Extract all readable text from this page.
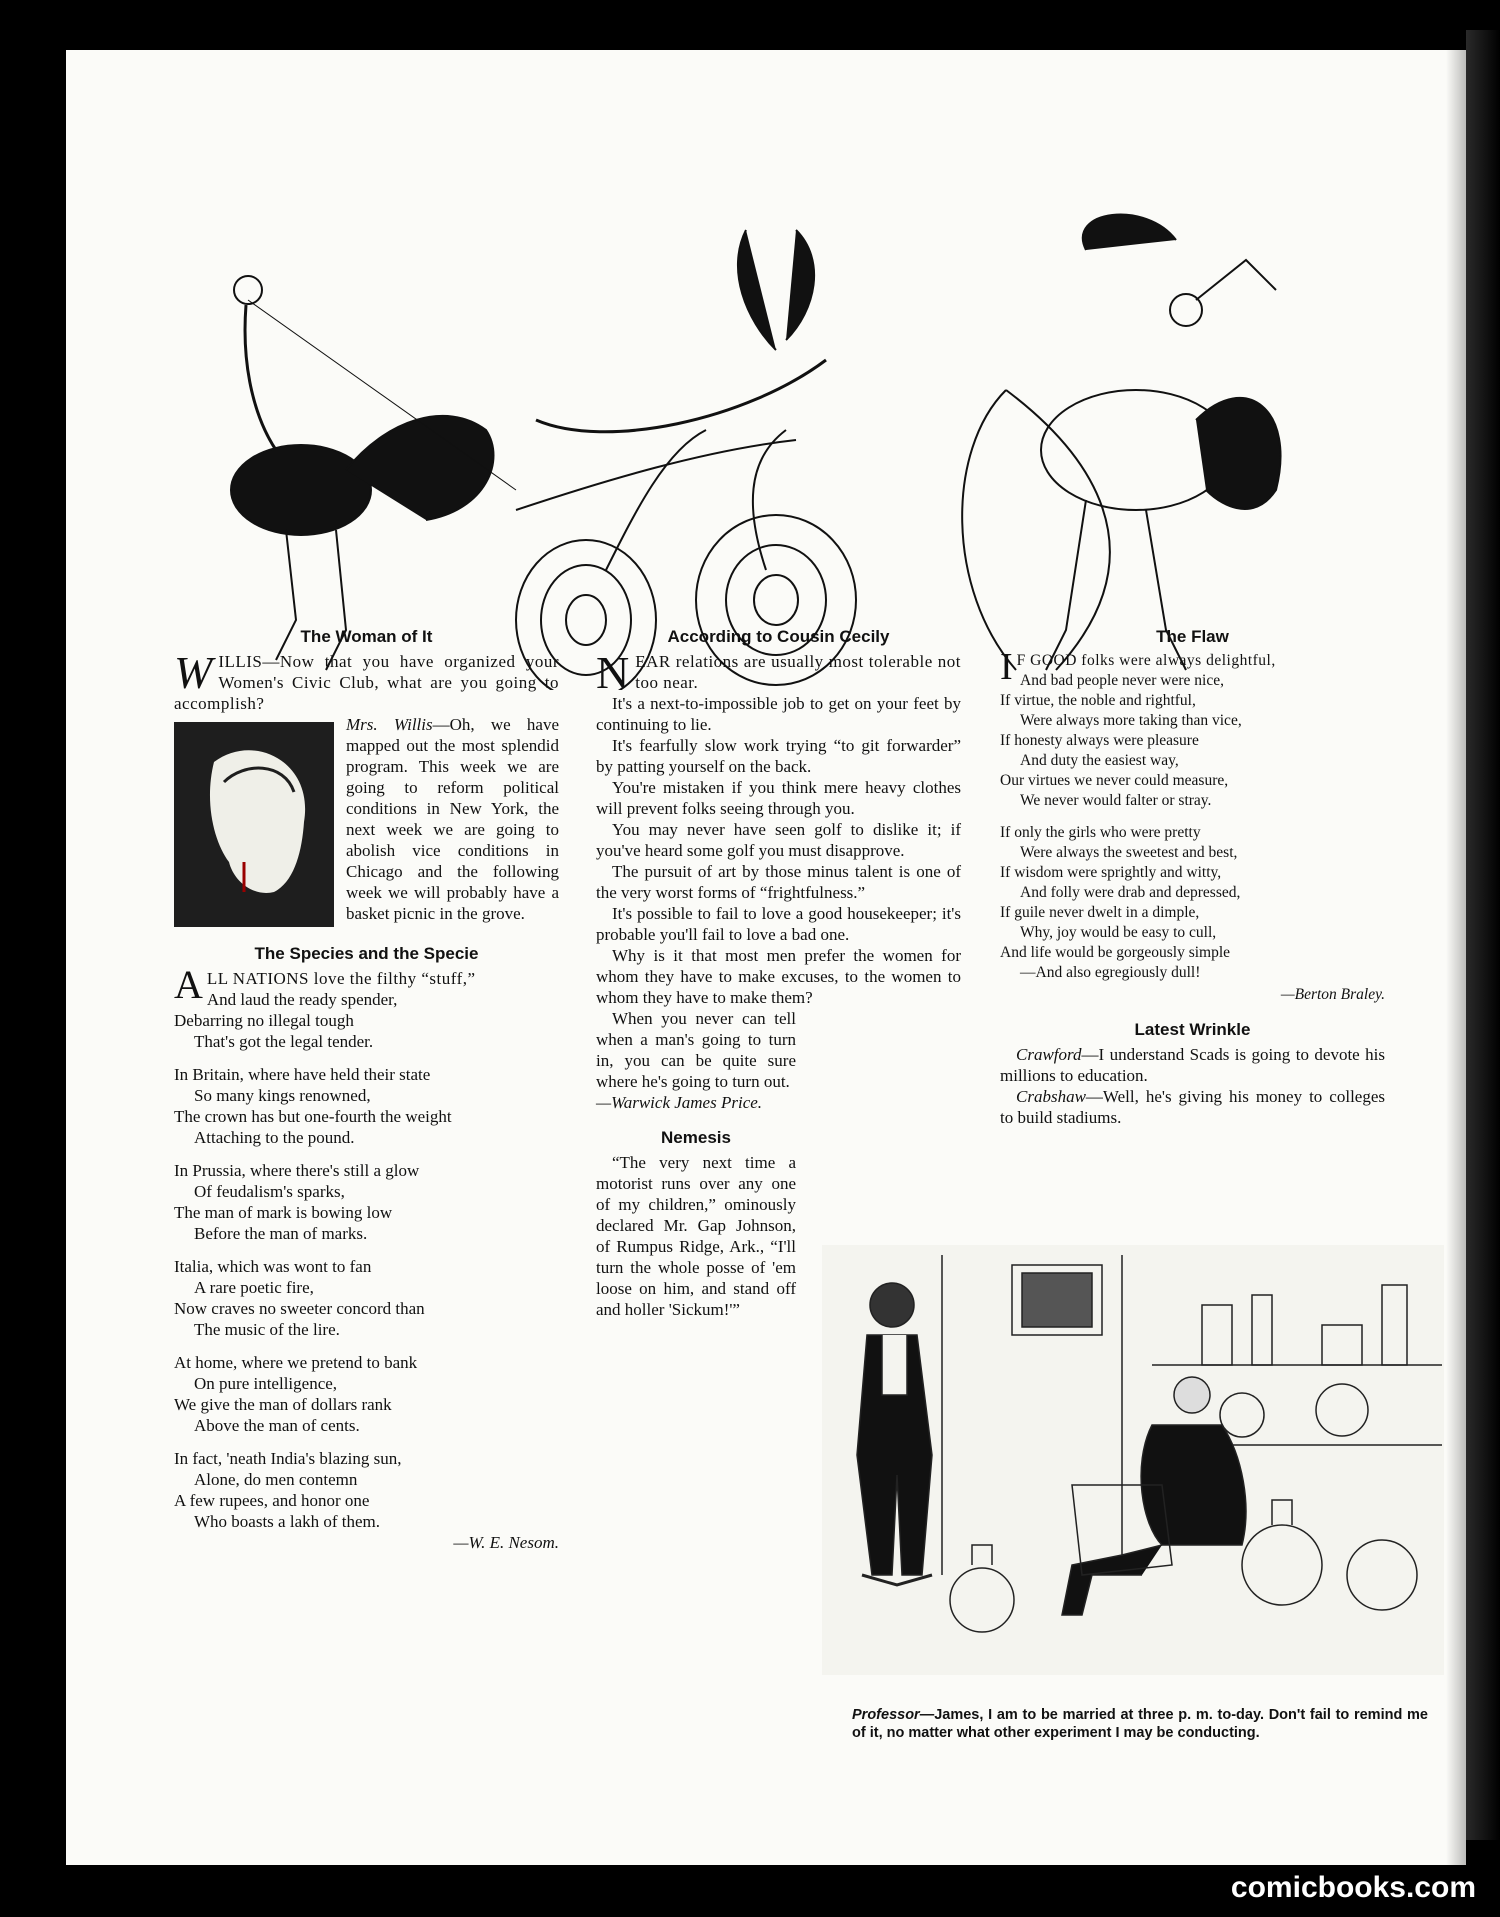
The Woman of It

W ILLIS—Now that you have organized your Women's Civic Club, what are you going to accomplish?

Mrs. Willis—Oh, we have mapped out the most splendid program. This week we are going to reform political conditions in New York, the next week we are going to abolish vice conditions in Chicago and the following week we will probably have a basket picnic in the grove.

The Species and the Specie
ALL NATIONS love the filthy “stuff,”
And laud the ready spender,
Debarring no illegal tough
That's got the legal tender.
In Britain, where have held their state
So many kings renowned,
The crown has but one-fourth the weight
Attaching to the pound.
In Prussia, where there's still a glow
Of feudalism's sparks,
The man of mark is bowing low
Before the man of marks.
Italia, which was wont to fan
A rare poetic fire,
Now craves no sweeter concord than
The music of the lire.
At home, where we pretend to bank
On pure intelligence,
We give the man of dollars rank
Above the man of cents.
In fact, 'neath India's blazing sun,
Alone, do men contemn
A few rupees, and honor one
Who boasts a lakh of them.
—W. E. Nesom.
According to Cousin Cecily

NEAR relations are usually most tolerable not too near.

It's a next-to-impossible job to get on your feet by continuing to lie.

It's fearfully slow work trying “to git forwarder” by patting yourself on the back.

You're mistaken if you think mere heavy clothes will prevent folks seeing through you.

You may never have seen golf to dislike it; if you've heard some golf you must disapprove.

The pursuit of art by those minus talent is one of the very worst forms of “frightfulness.”

It's possible to fail to love a good housekeeper; it's probable you'll fail to love a bad one.

Why is it that most men prefer the women for whom they have to make excuses, to the women to whom they have to make them?

When you never can tell when a man's going to turn in, you can be quite sure where he's going to turn out.

—Warwick James Price.

Nemesis

“The very next time a motorist runs over any one of my children,” ominously declared Mr. Gap Johnson, of Rumpus Ridge, Ark., “I'll turn the whole posse of 'em loose on him, and stand off and holler 'Sickum!'”

The Flaw
I F GOOD folks were always delightful,
And bad people never were nice,
If virtue, the noble and rightful,
Were always more taking than vice,
If honesty always were pleasure
And duty the easiest way,
Our virtues we never could measure,
We never would falter or stray.
If only the girls who were pretty
Were always the sweetest and best,
If wisdom were sprightly and witty,
And folly were drab and depressed,
If guile never dwelt in a dimple,
Why, joy would be easy to cull,
And life would be gorgeously simple
—And also egregiously dull!
—Berton Braley.
Latest Wrinkle

Crawford—I understand Scads is going to devote his millions to education.

Crabshaw—Well, he's giving his money to colleges to build stadiums.

Professor—James, I am to be married at three p. m. to-day. Don't fail to remind me of it, no matter what other experiment I may be conducting.
comicbooks.com
